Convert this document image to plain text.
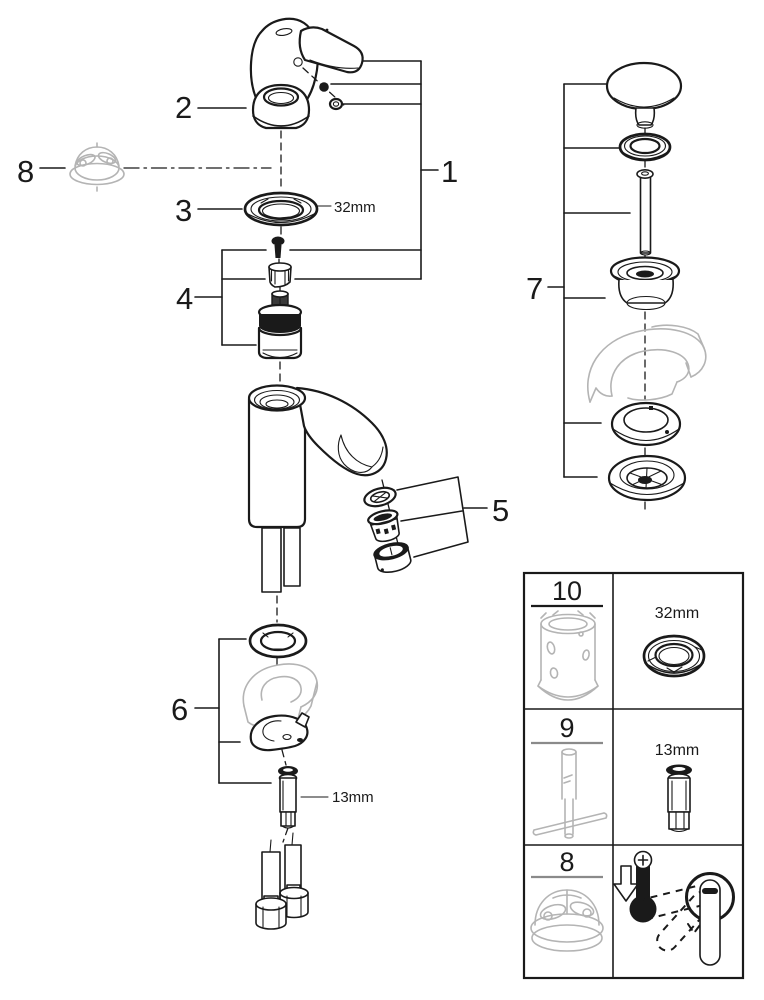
8	1
2
3	32mm
4
5
6
13mm
7
10
32mm
9
13mm
8
